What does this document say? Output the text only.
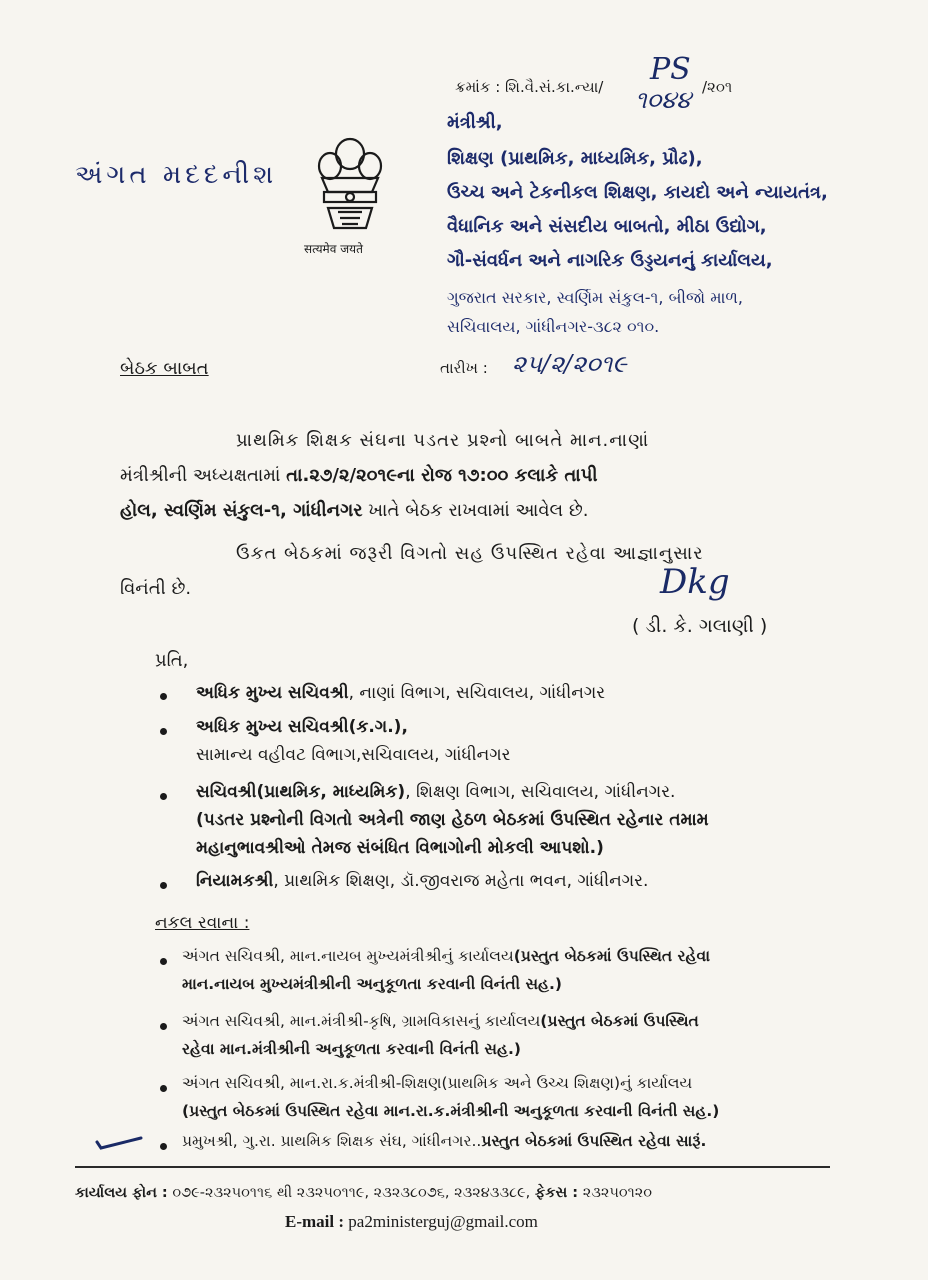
ક્રમાંક : શિ.વૈ.સં.કા.ન્યા/ PS
૧૦૪૪ /૨૦૧
અંગત મદદનીશ
सत्यमेव जयते
મંત્રીશ્રી,
શિક્ષણ (પ્રાથમિક, માધ્યમિક, પ્રૌઢ),
ઉચ્ચ અને ટેકનીકલ શિક્ષણ, કાયદો અને ન્યાયતંત્ર,
વૈધાનિક અને સંસદીય બાબતો, મીઠા ઉદ્યોગ,
ગૌ-સંવર્ધન અને નાગરિક ઉડ્ડયનનું કાર્યાલય,
ગુજરાત સરકાર, સ્વર્ણિમ સંકુલ-૧, બીજો માળ,
સચિવાલય, ગાંધીનગર-૩૮૨ ૦૧૦.
તારીખ : ૨૫/૨/૨૦૧૯
બેઠક બાબત
પ્રાથમિક શિક્ષક સંઘના પડતર પ્રશ્નો બાબતે માન.નાણાં
મંત્રીશ્રીની અધ્યક્ષતામાં તા.૨૭/૨/૨૦૧૯ના રોજ ૧૭:૦૦ કલાકે તાપી
હોલ, સ્વર્ણિમ સંકુલ-૧, ગાંધીનગર ખાતે બેઠક રાખવામાં આવેલ છે.
ઉકત બેઠકમાં જરૂરી વિગતો સહ ઉપસ્થિત રહેવા આજ્ઞાનુસાર
વિનંતી છે.	Dkg
( ડી. કે. ગલાણી )
પ્રતિ,
અધિક મુખ્ય સચિવશ્રી, નાણાં વિભાગ, સચિવાલય, ગાંધીનગર
અધિક મુખ્ય સચિવશ્રી(ક.ગ.),
સામાન્ય વહીવટ વિભાગ,સચિવાલય, ગાંધીનગર
સચિવશ્રી(પ્રાથમિક, માધ્યમિક), શિક્ષણ વિભાગ, સચિવાલય, ગાંધીનગર.
(પડતર પ્રશ્નોની વિગતો અત્રેની જાણ હેઠળ બેઠકમાં ઉપસ્થિત રહેનાર તમામ
મહાનુભાવશ્રીઓ તેમજ સંબંધિત વિભાગોની મોકલી આપશો.)
નિયામકશ્રી, પ્રાથમિક શિક્ષણ, ડૉ.જીવરાજ મહેતા ભવન, ગાંધીનગર.
નકલ રવાના :
અંગત સચિવશ્રી, માન.નાયબ મુખ્યમંત્રીશ્રીનું કાર્યાલય(પ્રસ્તુત બેઠકમાં ઉપસ્થિત રહેવા
માન.નાયબ મુખ્યમંત્રીશ્રીની અનુકૂળતા કરવાની વિનંતી સહ.)
અંગત સચિવશ્રી, માન.મંત્રીશ્રી-કૃષિ, ગ્રામવિકાસનું કાર્યાલય(પ્રસ્તુત બેઠકમાં ઉપસ્થિત
રહેવા માન.મંત્રીશ્રીની અનુકૂળતા કરવાની વિનંતી સહ.)
અંગત સચિવશ્રી, માન.રા.ક.મંત્રીશ્રી-શિક્ષણ(પ્રાથમિક અને ઉચ્ચ શિક્ષણ)નું કાર્યાલય
(પ્રસ્તુત બેઠકમાં ઉપસ્થિત રહેવા માન.રા.ક.મંત્રીશ્રીની અનુકૂળતા કરવાની વિનંતી સહ.)
પ્રમુખશ્રી, ગુ.રા. પ્રાથમિક શિક્ષક સંઘ, ગાંધીનગર..પ્રસ્તુત બેઠકમાં ઉપસ્થિત રહેવા સારૂં.
કાર્યાલય ફોન : ૦૭૯-૨૩૨૫૦૧૧૬ થી ૨૩૨૫૦૧૧૯, ૨૩૨૩૮૦૭૬, ૨૩૨૪૩૩૮૯, ફેકસ : ૨૩૨૫૦૧૨૦
E-mail : pa2ministerguj@gmail.com
